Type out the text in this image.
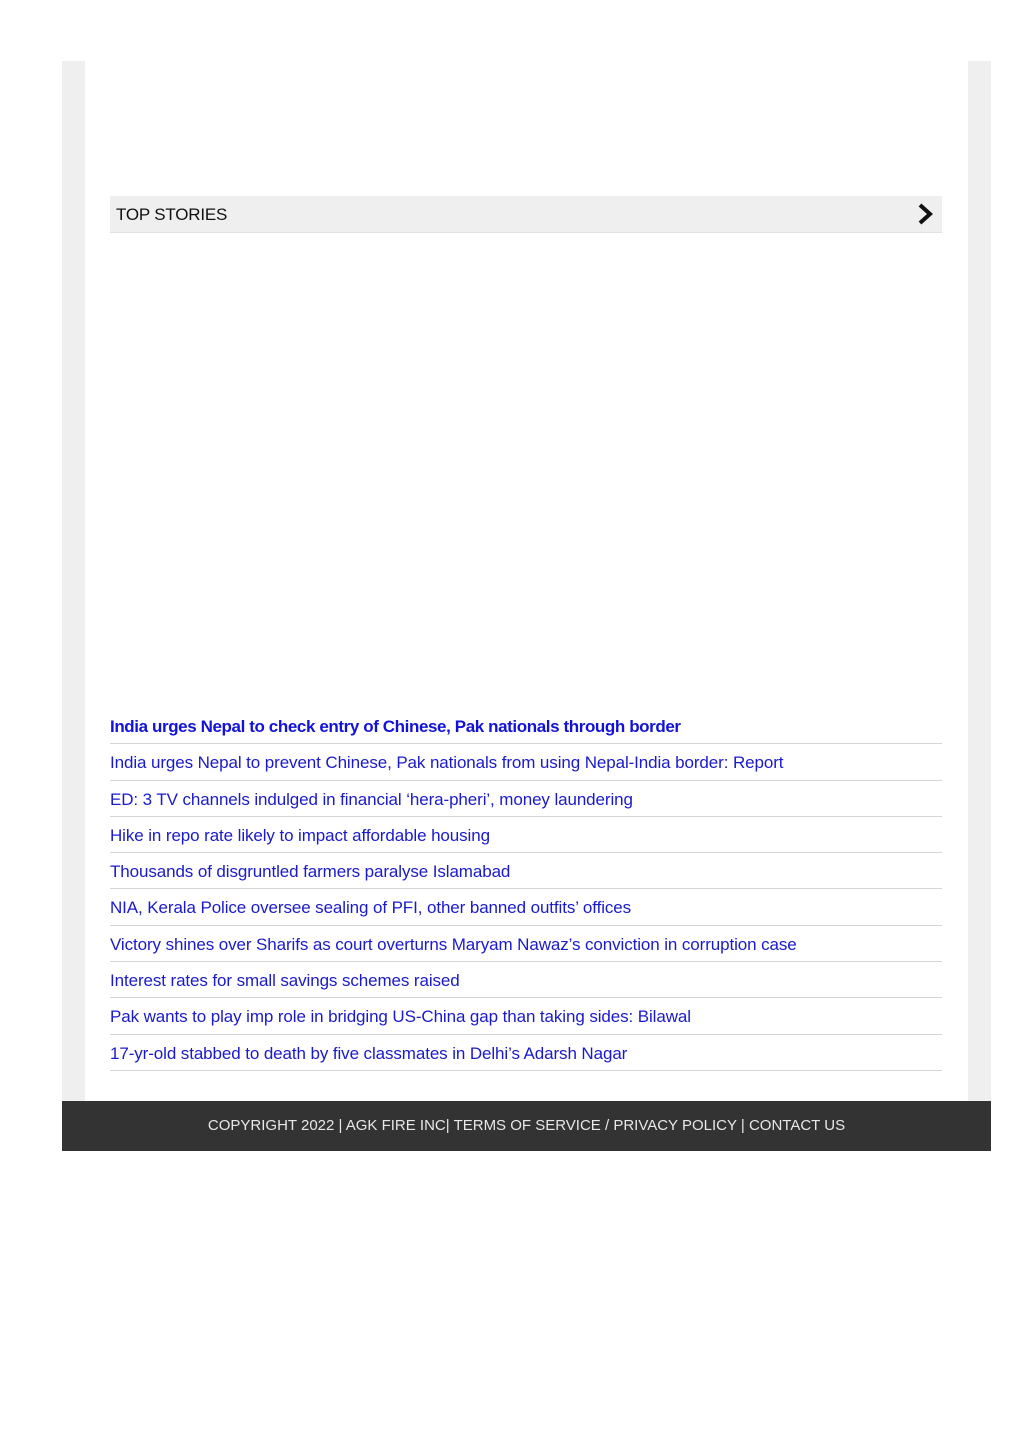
TOP STORIES
India urges Nepal to check entry of Chinese, Pak nationals through border
India urges Nepal to prevent Chinese, Pak nationals from using Nepal-India border: Report
ED: 3 TV channels indulged in financial ‘hera-pheri’, money laundering
Hike in repo rate likely to impact affordable housing
Thousands of disgruntled farmers paralyse Islamabad
NIA, Kerala Police oversee sealing of PFI, other banned outfits’ offices
Victory shines over Sharifs as court overturns Maryam Nawaz’s conviction in corruption case
Interest rates for small savings schemes raised
Pak wants to play imp role in bridging US-China gap than taking sides: Bilawal
17-yr-old stabbed to death by five classmates in Delhi’s Adarsh Nagar
COPYRIGHT 2022 | AGK FIRE INC| TERMS OF SERVICE / PRIVACY POLICY | CONTACT US
